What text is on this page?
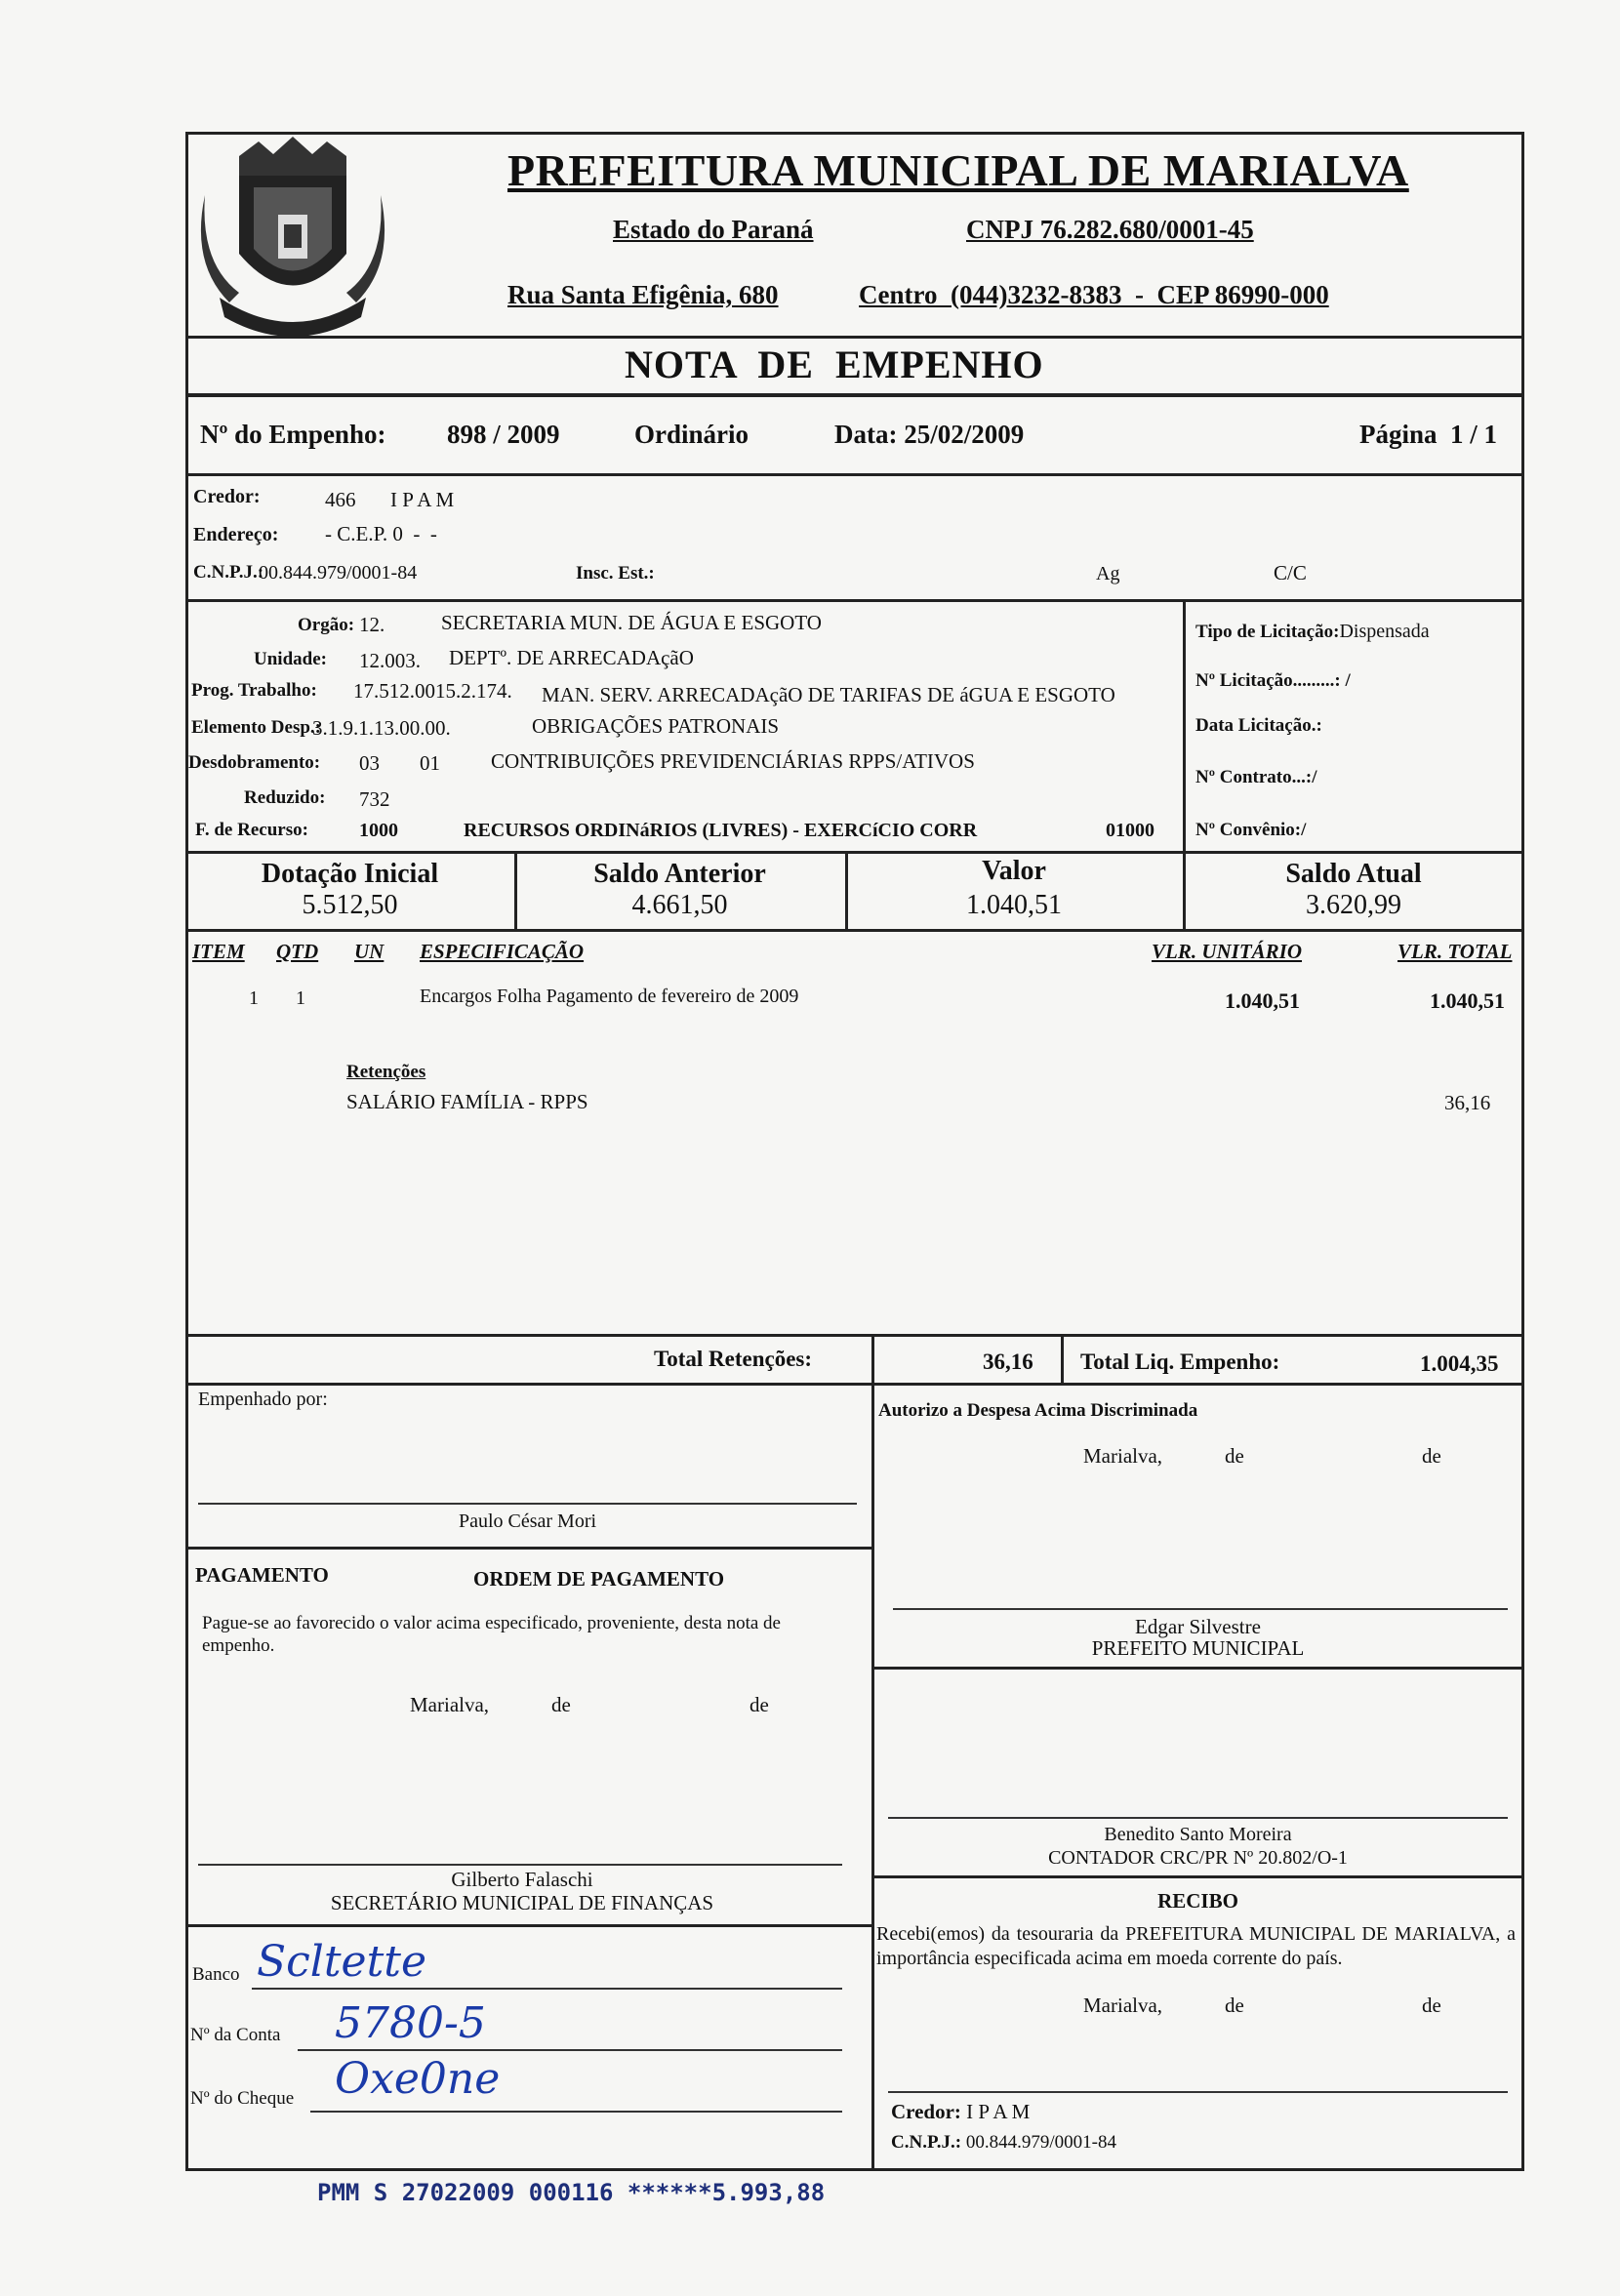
PREFEITURA MUNICIPAL DE MARIALVA
Estado do Paraná	CNPJ 76.282.680/0001-45
Rua Santa Efigênia, 680	Centro  (044)3232-8383  -  CEP 86990-000
NOTA  DE  EMPENHO
Nº do Empenho: 898 / 2009	Ordinário	Data: 25/02/2009	Página  1 / 1
Credor:	466 I P A M
Endereço: - C.E.P. 0  -  -
C.N.P.J.:
00.844.979/0001-84	Insc. Est.:	Ag	C/C
Orgão: 12.	SECRETARIA MUN. DE ÁGUA E ESGOTO
Unidade: 12.003. DEPTº. DE ARRECADAçãO
Prog. Trabalho: 17.512.0015.2.174. MAN. SERV. ARRECADAçãO DE TARIFAS DE áGUA E ESGOTO
Elemento Desp.:
3.1.9.1.13.00.00.	OBRIGAÇÕES PATRONAIS
Desdobramento: 03 01 CONTRIBUIÇÕES PREVIDENCIÁRIAS RPPS/ATIVOS
Reduzido: 732
F. de Recurso:	1000	RECURSOS ORDINáRIOS (LIVRES) - EXERCíCIO CORR	01000
Tipo de Licitação:Dispensada
Nº Licitação.........: /
Data Licitação.:
Nº Contrato...:/
Nº Convênio:/
Dotação Inicial
5.512,50
Saldo Anterior
4.661,50
Valor
1.040,51
Saldo Atual
3.620,99
ITEM QTD UN ESPECIFICAÇÃO	VLR. UNITÁRIO	VLR. TOTAL
1 1	Encargos Folha Pagamento de fevereiro de 2009	1.040,51	1.040,51
Retenções
SALÁRIO FAMÍLIA - RPPS	36,16
Total Retenções:	36,16 Total Liq. Empenho:	1.004,35
Empenhado por:
Paulo César Mori
Autorizo a Despesa Acima Discriminada
Marialva,	de	de
Edgar Silvestre
PREFEITO MUNICIPAL
PAGAMENTO	ORDEM DE PAGAMENTO
Pague-se ao favorecido o valor acima especificado, proveniente, desta nota de empenho.
Marialva,	de	de
Benedito Santo Moreira
CONTADOR CRC/PR Nº 20.802/O-1
Gilberto Falaschi
SECRETÁRIO MUNICIPAL DE FINANÇAS	RECIBO
Recebi(emos) da tesouraria da PREFEITURA MUNICIPAL DE MARIALVA, a importância especificada acima em moeda corrente do país.
Marialva,	de	de
Banco Scltette
Nº da Conta 5780-5
Nº do Cheque Oxe0ne
Credor: I P A M
C.N.P.J.: 00.844.979/0001-84
PMM S 27022009 000116 ******5.993,88
